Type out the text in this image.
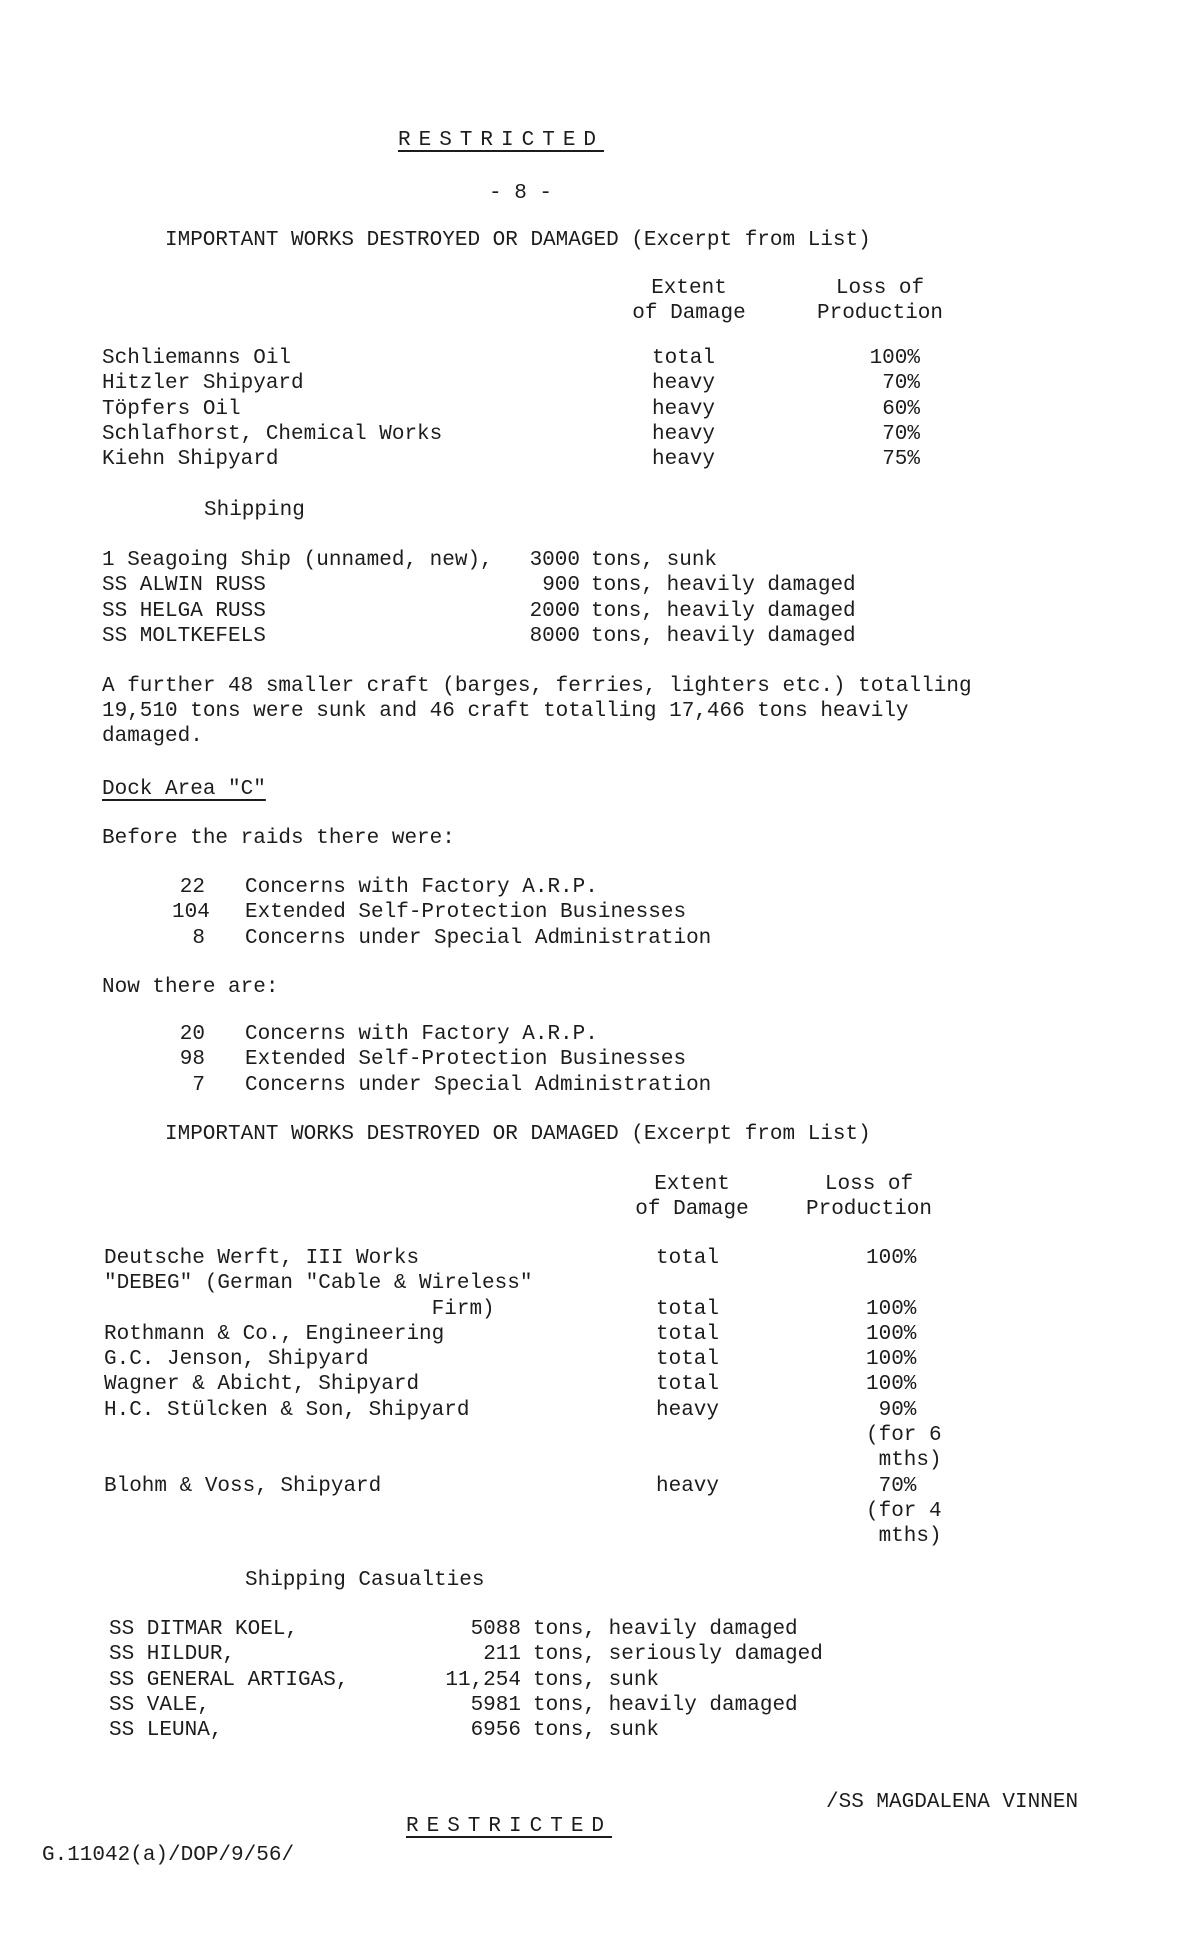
RESTRICTED
- 8 -
IMPORTANT WORKS DESTROYED OR DAMAGED (Excerpt from List)
Extent
of Damage
Loss of
Production
Schliemanns Oil
Hitzler Shipyard
Töpfers Oil
Schlafhorst, Chemical Works
Kiehn Shipyard
total
heavy
heavy
heavy
heavy
100%
70%
60%
70%
75%
Shipping
1 Seagoing Ship (unnamed, new),
SS ALWIN RUSS
SS HELGA RUSS
SS MOLTKEFELS
3000
900
2000
8000
tons, sunk
tons, heavily damaged
tons, heavily damaged
tons, heavily damaged
A further 48 smaller craft (barges, ferries, lighters etc.) totalling
19,510 tons were sunk and 46 craft totalling 17,466 tons heavily
damaged.
Dock Area "C"
Before the raids there were:
22 Concerns with Factory A.R.P.
104 Extended Self-Protection Businesses
8 Concerns under Special Administration
Now there are:
20 Concerns with Factory A.R.P.
98 Extended Self-Protection Businesses
7 Concerns under Special Administration
IMPORTANT WORKS DESTROYED OR DAMAGED (Excerpt from List)
Extent
of Damage
Loss of
Production
Deutsche Werft, III Works
"DEBEG" (German "Cable & Wireless"
Firm)
Rothmann & Co., Engineering
G.C. Jenson, Shipyard
Wagner & Abicht, Shipyard
H.C. Stülcken & Son, Shipyard

Blohm & Voss, Shipyard
total

total
total
total
total
heavy

heavy
100%

100%
100%
100%
100%
90%
(for 6
mths)
70%
(for 4
mths)
Shipping Casualties
SS DITMAR KOEL,
SS HILDUR,
SS GENERAL ARTIGAS,
SS VALE,
SS LEUNA,
5088
211
11,254
5981
6956
tons, heavily damaged
tons, seriously damaged
tons, sunk
tons, heavily damaged
tons, sunk
/SS MAGDALENA VINNEN
RESTRICTED
G.11042(a)/DOP/9/56/
